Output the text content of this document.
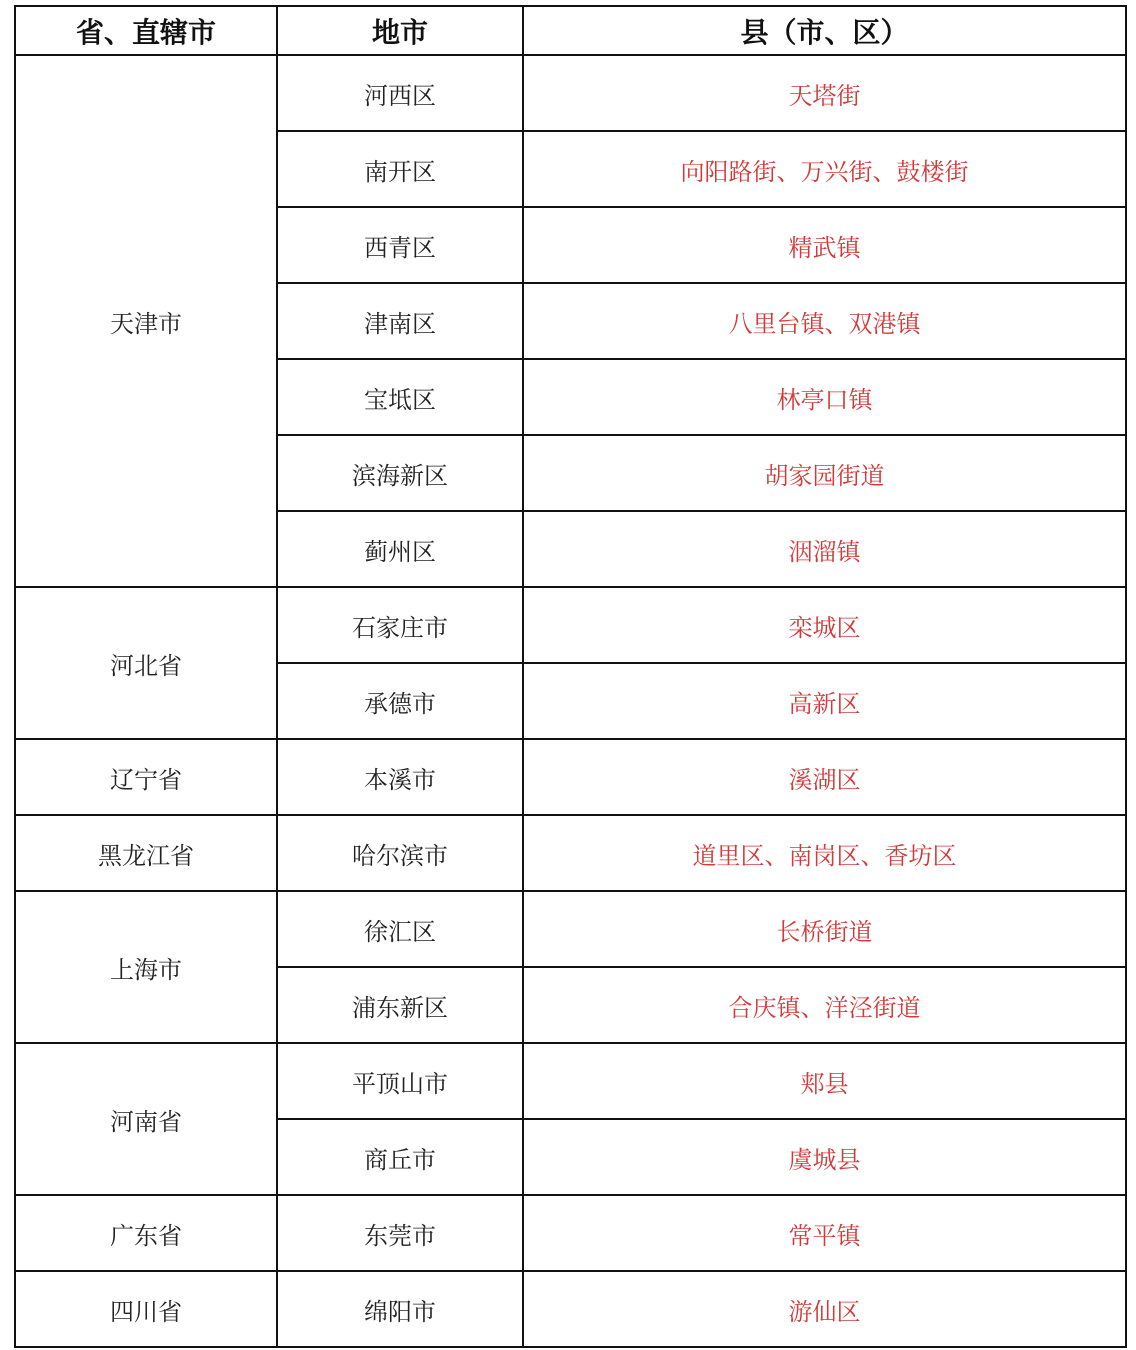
省、直辖市	地市	县（市、区）
天津市	河西区	天塔街
	南开区	向阳路街、万兴街、鼓楼街
	西青区	精武镇
	津南区	八里台镇、双港镇
	宝坻区	林亭口镇
	滨海新区	胡家园街道
	蓟州区	洇溜镇
河北省	石家庄市	栾城区
	承德市	高新区
辽宁省	本溪市	溪湖区
黑龙江省	哈尔滨市	道里区、南岗区、香坊区
上海市	徐汇区	长桥街道
	浦东新区	合庆镇、洋泾街道
河南省	平顶山市	郏县
	商丘市	虞城县
广东省	东莞市	常平镇
四川省	绵阳市	游仙区
